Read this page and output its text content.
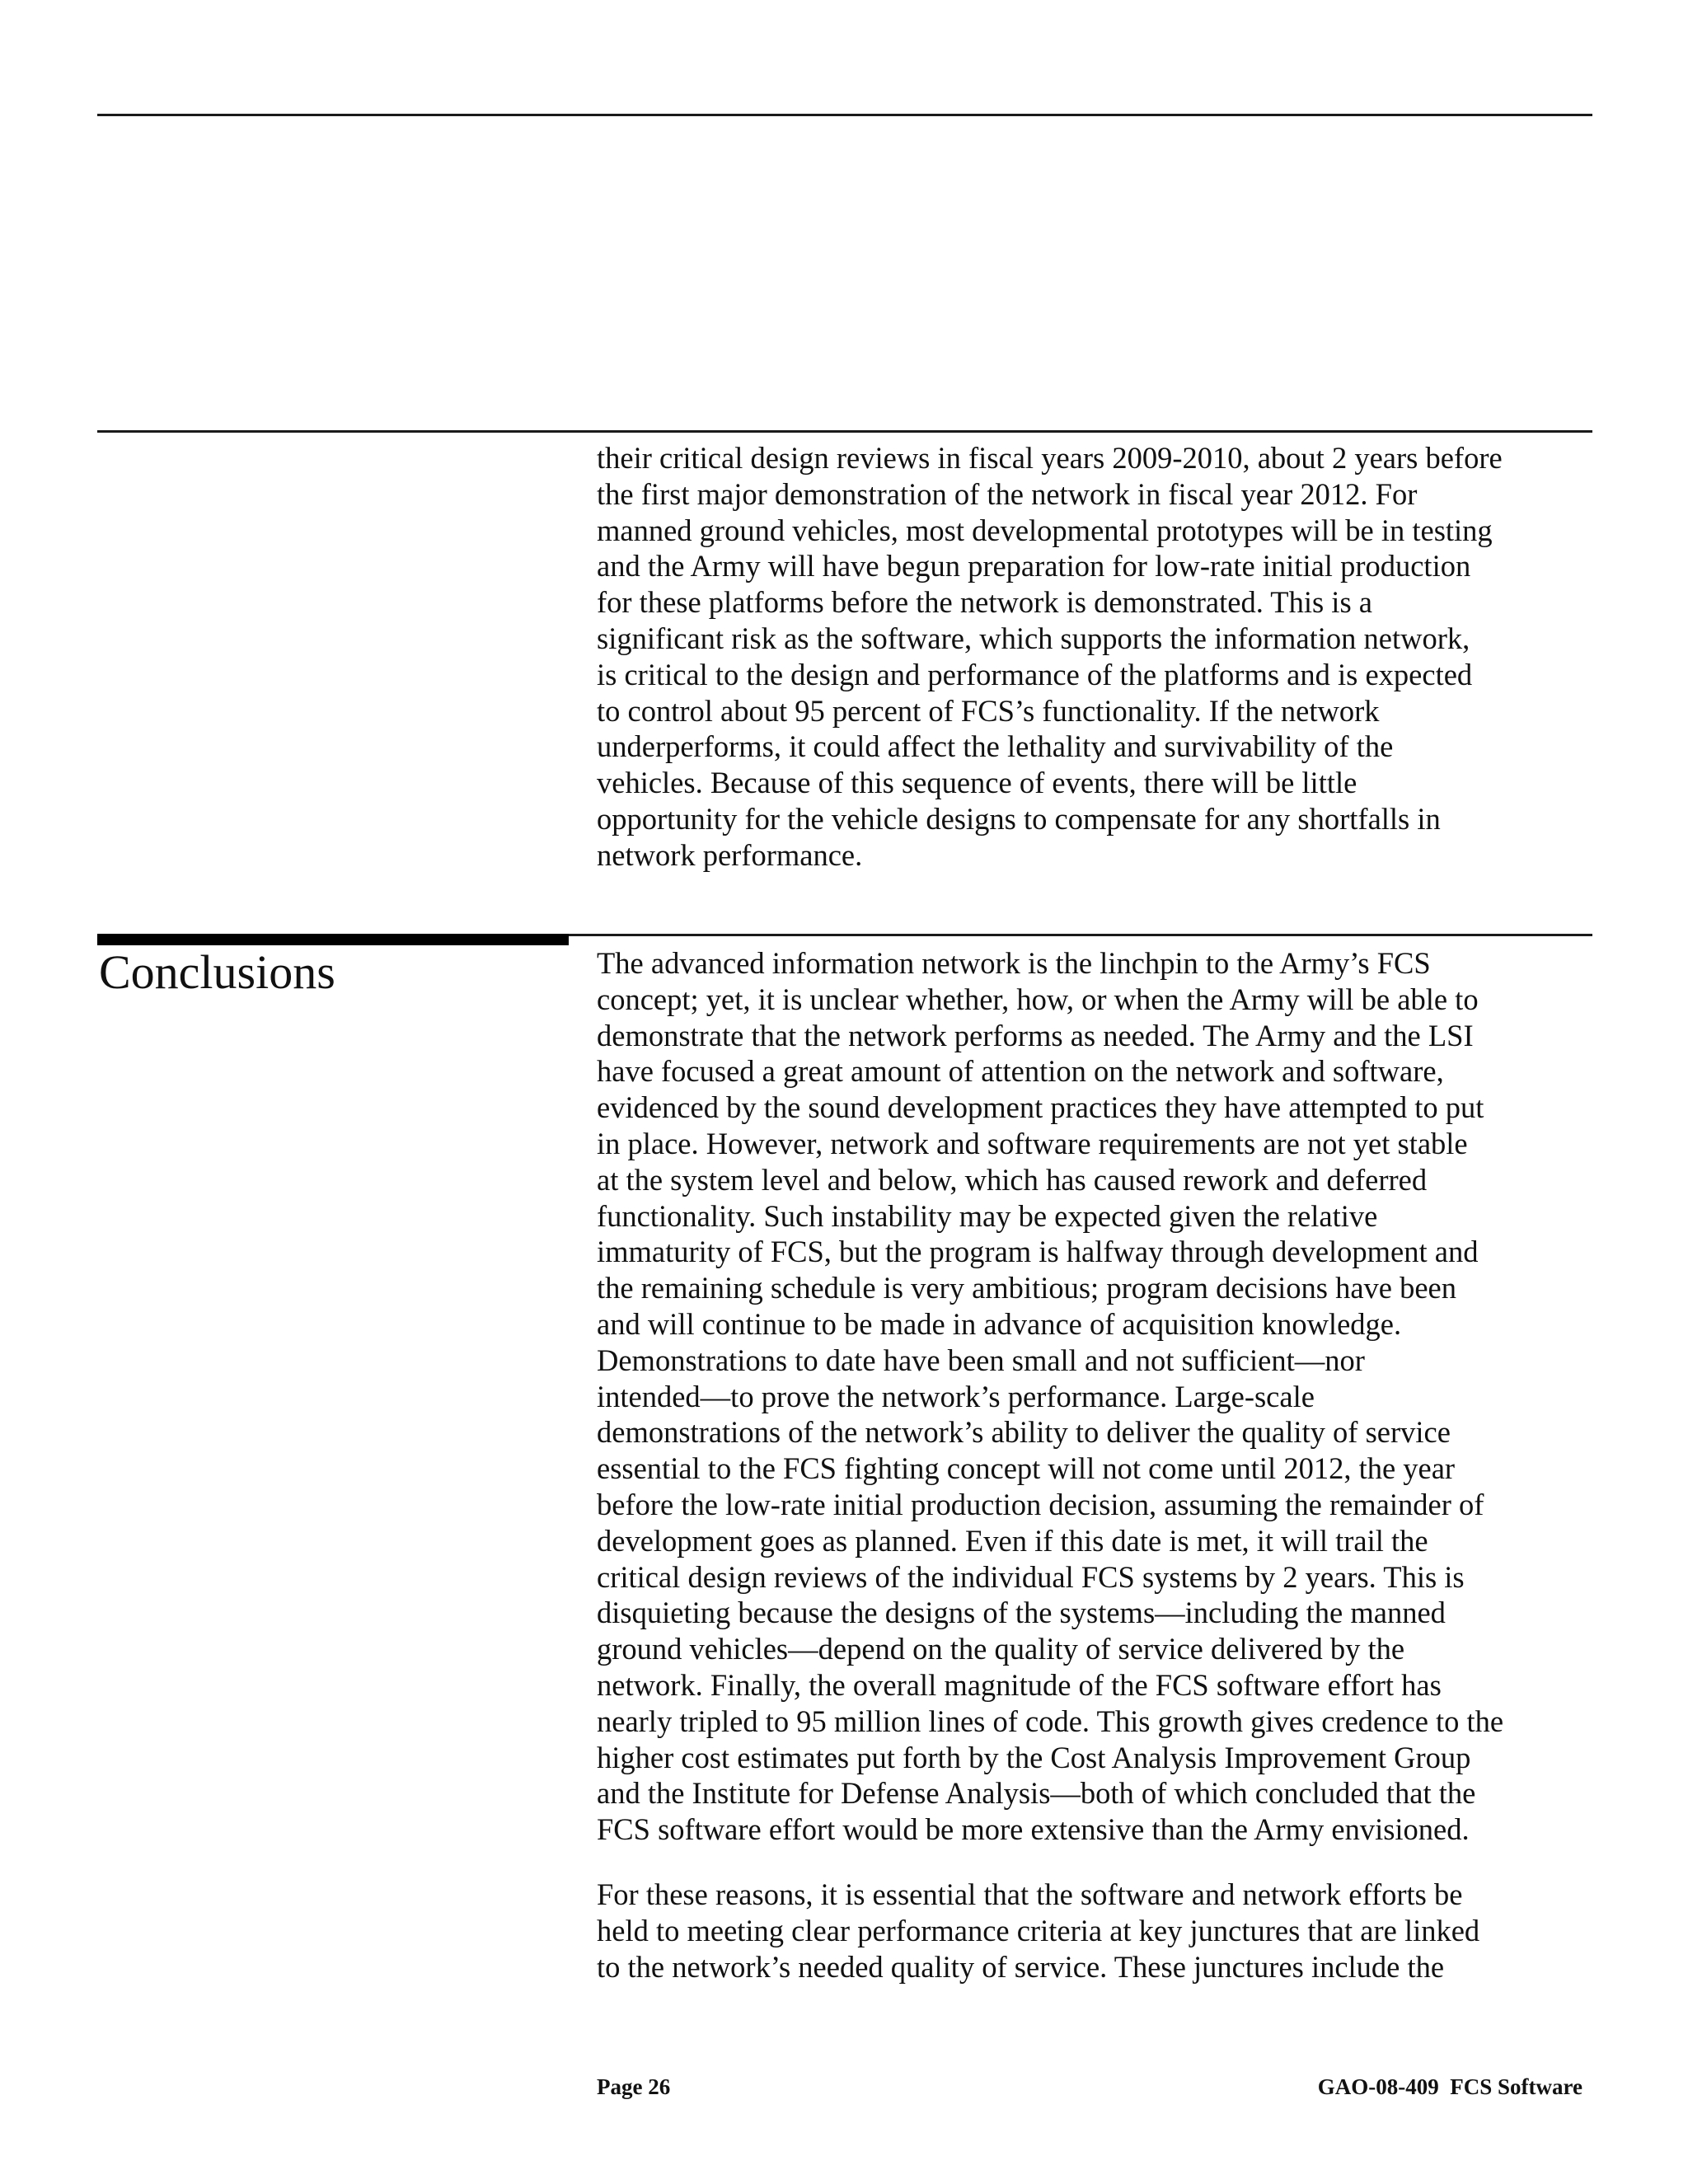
their critical design reviews in fiscal years 2009-2010, about 2 years before
the first major demonstration of the network in fiscal year 2012. For
manned ground vehicles, most developmental prototypes will be in testing
and the Army will have begun preparation for low-rate initial production
for these platforms before the network is demonstrated. This is a
significant risk as the software, which supports the information network,
is critical to the design and performance of the platforms and is expected
to control about 95 percent of FCS’s functionality. If the network
underperforms, it could affect the lethality and survivability of the
vehicles. Because of this sequence of events, there will be little
opportunity for the vehicle designs to compensate for any shortfalls in
network performance.

Conclusions	The advanced information network is the linchpin to the Army’s FCS
concept; yet, it is unclear whether, how, or when the Army will be able to
demonstrate that the network performs as needed. The Army and the LSI
have focused a great amount of attention on the network and software,
evidenced by the sound development practices they have attempted to put
in place. However, network and software requirements are not yet stable
at the system level and below, which has caused rework and deferred
functionality. Such instability may be expected given the relative
immaturity of FCS, but the program is halfway through development and
the remaining schedule is very ambitious; program decisions have been
and will continue to be made in advance of acquisition knowledge.
Demonstrations to date have been small and not sufficient—nor
intended—to prove the network’s performance. Large-scale
demonstrations of the network’s ability to deliver the quality of service
essential to the FCS fighting concept will not come until 2012, the year
before the low-rate initial production decision, assuming the remainder of
development goes as planned. Even if this date is met, it will trail the
critical design reviews of the individual FCS systems by 2 years. This is
disquieting because the designs of the systems—including the manned
ground vehicles—depend on the quality of service delivered by the
network. Finally, the overall magnitude of the FCS software effort has
nearly tripled to 95 million lines of code. This growth gives credence to the
higher cost estimates put forth by the Cost Analysis Improvement Group
and the Institute for Defense Analysis—both of which concluded that the
FCS software effort would be more extensive than the Army envisioned.

For these reasons, it is essential that the software and network efforts be
held to meeting clear performance criteria at key junctures that are linked
to the network’s needed quality of service. These junctures include the

Page 26	GAO-08-409  FCS Software
